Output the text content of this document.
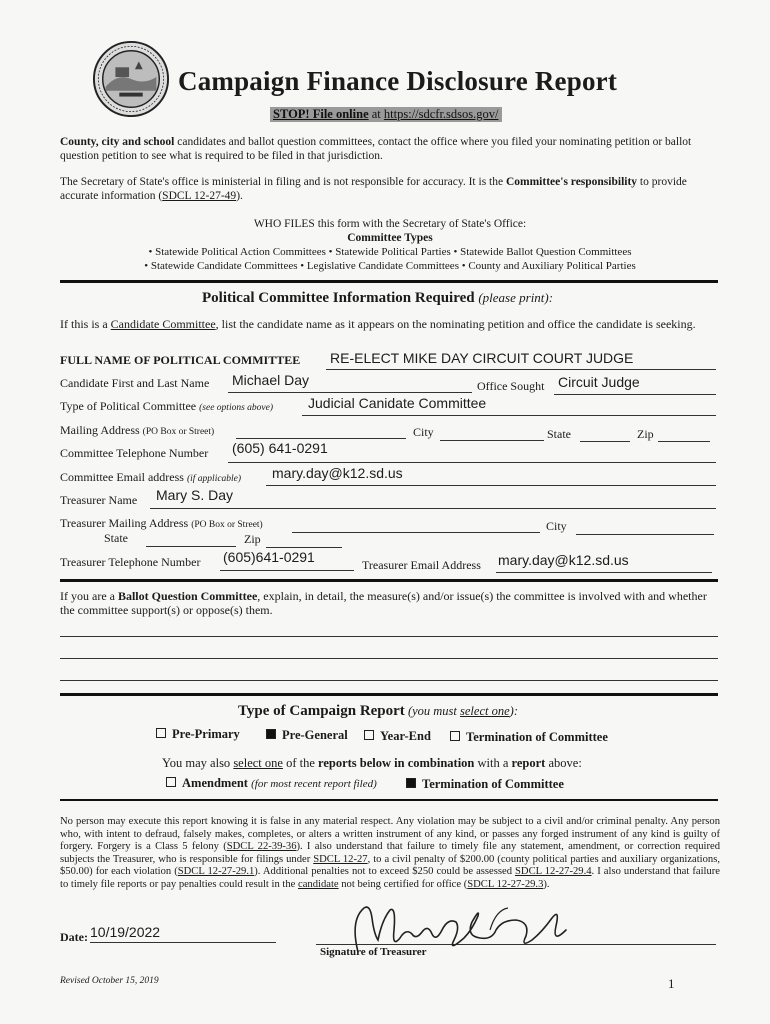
Campaign Finance Disclosure Report
STOP! File online at https://sdcfr.sdsos.gov/
County, city and school candidates and ballot question committees, contact the office where you filed your nominating petition or ballot question petition to see what is required to be filed in that jurisdiction.
The Secretary of State's office is ministerial in filing and is not responsible for accuracy. It is the Committee's responsibility to provide accurate information (SDCL 12-27-49).
WHO FILES this form with the Secretary of State's Office:
Committee Types
• Statewide Political Action Committees • Statewide Political Parties • Statewide Ballot Question Committees
• Statewide Candidate Committees • Legislative Candidate Committees • County and Auxiliary Political Parties
Political Committee Information Required (please print):
If this is a Candidate Committee, list the candidate name as it appears on the nominating petition and office the candidate is seeking.
FULL NAME OF POLITICAL COMMITTEE RE-ELECT MIKE DAY CIRCUIT COURT JUDGE
Candidate First and Last Name Michael Day	Office Sought Circuit Judge
Type of Political Committee (see options above) Judicial Canidate Committee
Mailing Address (PO Box or Street)	City	State	Zip
Committee Telephone Number (605) 641-0291
Committee Email address (if applicable) mary.day@k12.sd.us
Treasurer Name Mary S. Day
Treasurer Mailing Address (PO Box or Street)	City
State	Zip
Treasurer Telephone Number (605)641-0291	Treasurer Email Address mary.day@k12.sd.us
If you are a Ballot Question Committee, explain, in detail, the measure(s) and/or issue(s) the committee is involved with and whether the committee support(s) or oppose(s) them.
Type of Campaign Report (you must select one):
Pre-Primary	Pre-General	Year-End	Termination of Committee
You may also select one of the reports below in combination with a report above:
Amendment (for most recent report filed)	Termination of Committee
No person may execute this report knowing it is false in any material respect. Any violation may be subject to a civil and/or criminal penalty. Any person who, with intent to defraud, falsely makes, completes, or alters a written instrument of any kind, or passes any forged instrument of any kind is guilty of forgery. Forgery is a Class 5 felony (SDCL 22-39-36). I also understand that failure to timely file any statement, amendment, or correction required subjects the Treasurer, who is responsible for filings under SDCL 12-27, to a civil penalty of $200.00 (county political parties and auxiliary organizations, $50.00) for each violation (SDCL 12-27-29.1). Additional penalties not to exceed $250 could be assessed SDCL 12-27-29.4. I also understand that failure to timely file reports or pay penalties could result in the candidate not being certified for office (SDCL 12-27-29.3).
Date: 10/19/2022
Signature of Treasurer
Revised October 15, 2019	1
